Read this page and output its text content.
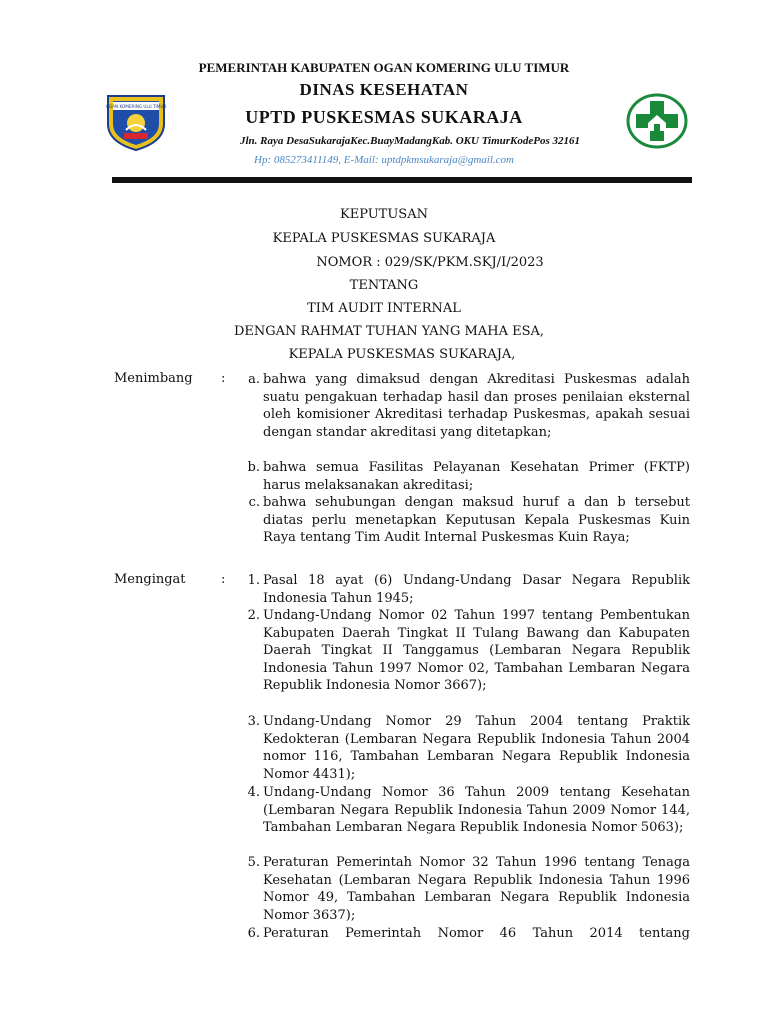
OGAN KOMERING ULU TIMUR
PEMERINTAH KABUPATEN OGAN KOMERING ULU TIMUR
DINAS KESEHATAN
UPTD PUSKESMAS SUKARAJA
Jln. Raya DesaSukarajaKec.BuayMadangKab. OKU TimurKodePos 32161
Hp: 085273411149, E-Mail: uptdpkmsukaraja@gmail.com
KEPUTUSAN
KEPALA PUSKESMAS SUKARAJA
NOMOR : 029/SK/PKM.SKJ/I/2023
TENTANG
TIM AUDIT INTERNAL
DENGAN RAHMAT TUHAN YANG MAHA ESA,
KEPALA PUSKESMAS SUKARAJA,
Menimbang :	a. bahwa yang dimaksud dengan Akreditasi Puskesmas adalah suatu pengakuan terhadap hasil dan proses penilaian eksternal oleh komisioner Akreditasi terhadap Puskesmas, apakah sesuai dengan standar akreditasi yang ditetapkan;
b. bahwa semua Fasilitas Pelayanan Kesehatan Primer (FKTP) harus melaksanakan akreditasi;
c. bahwa sehubungan dengan maksud huruf a dan b tersebut diatas perlu menetapkan Keputusan Kepala Puskesmas Kuin Raya tentang Tim Audit Internal Puskesmas Kuin Raya;
Mengingat	:	1. Pasal 18 ayat (6) Undang-Undang Dasar Negara Republik Indonesia Tahun 1945;
2. Undang-Undang Nomor 02 Tahun 1997 tentang Pembentukan Kabupaten Daerah Tingkat II Tulang Bawang dan Kabupaten Daerah Tingkat II Tanggamus (Lembaran Negara Republik Indonesia Tahun 1997 Nomor 02, Tambahan Lembaran Negara Republik Indonesia Nomor 3667);
3. Undang-Undang Nomor 29 Tahun 2004 tentang Praktik Kedokteran (Lembaran Negara Republik Indonesia Tahun 2004 nomor 116, Tambahan Lembaran Negara Republik Indonesia Nomor 4431);
4. Undang-Undang Nomor 36 Tahun 2009 tentang Kesehatan (Lembaran Negara Republik Indonesia Tahun 2009 Nomor 144, Tambahan Lembaran Negara Republik Indonesia Nomor 5063);
5. Peraturan Pemerintah Nomor 32 Tahun 1996 tentang Tenaga Kesehatan (Lembaran Negara Republik Indonesia Tahun 1996 Nomor 49, Tambahan Lembaran Negara Republik Indonesia Nomor 3637);
6. Peraturan Pemerintah Nomor 46 Tahun 2014 tentang
